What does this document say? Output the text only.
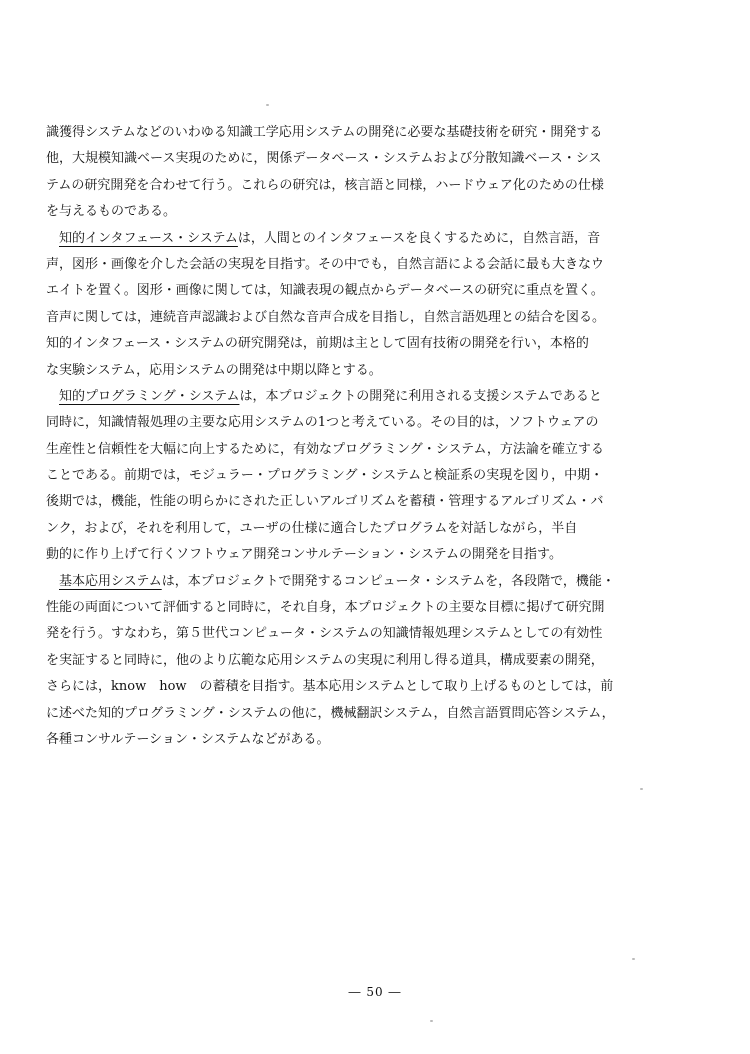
識獲得システムなどのいわゆる知識工学応用システムの開発に必要な基礎技術を研究・開発する
他，大規模知識ベース実現のために，関係データベース・システムおよび分散知識ベース・シス
テムの研究開発を合わせて行う。これらの研究は，核言語と同様，ハードウェア化のための仕様
を与えるものである。
知的インタフェース・システムは，人間とのインタフェースを良くするために，自然言語，音
声，図形・画像を介した会話の実現を目指す。その中でも，自然言語による会話に最も大きなウ
エイトを置く。図形・画像に関しては，知識表現の観点からデータベースの研究に重点を置く。
音声に関しては，連続音声認識および自然な音声合成を目指し，自然言語処理との結合を図る。
知的インタフェース・システムの研究開発は，前期は主として固有技術の開発を行い，本格的
な実験システム，応用システムの開発は中期以降とする。
知的プログラミング・システムは，本プロジェクトの開発に利用される支援システムであると
同時に，知識情報処理の主要な応用システムの1つと考えている。その目的は，ソフトウェアの
生産性と信頼性を大幅に向上するために，有効なプログラミング・システム，方法論を確立する
ことである。前期では，モジュラー・プログラミング・システムと検証系の実現を図り，中期・
後期では，機能，性能の明らかにされた正しいアルゴリズムを蓄積・管理するアルゴリズム・バ
ンク，および，それを利用して，ユーザの仕様に適合したプログラムを対話しながら，半自
動的に作り上げて行くソフトウェア開発コンサルテーション・システムの開発を目指す。
基本応用システムは，本プロジェクトで開発するコンピュータ・システムを，各段階で，機能・
性能の両面について評価すると同時に，それ自身，本プロジェクトの主要な目標に掲げて研究開
発を行う。すなわち，第５世代コンピュータ・システムの知識情報処理システムとしての有効性
を実証すると同時に，他のより広範な応用システムの実現に利用し得る道具，構成要素の開発，
さらには，know　how　の蓄積を目指す。基本応用システムとして取り上げるものとしては，前
に述べた知的プログラミング・システムの他に，機械翻訳システム，自然言語質問応答システム，
各種コンサルテーション・システムなどがある。
― 50 ―
